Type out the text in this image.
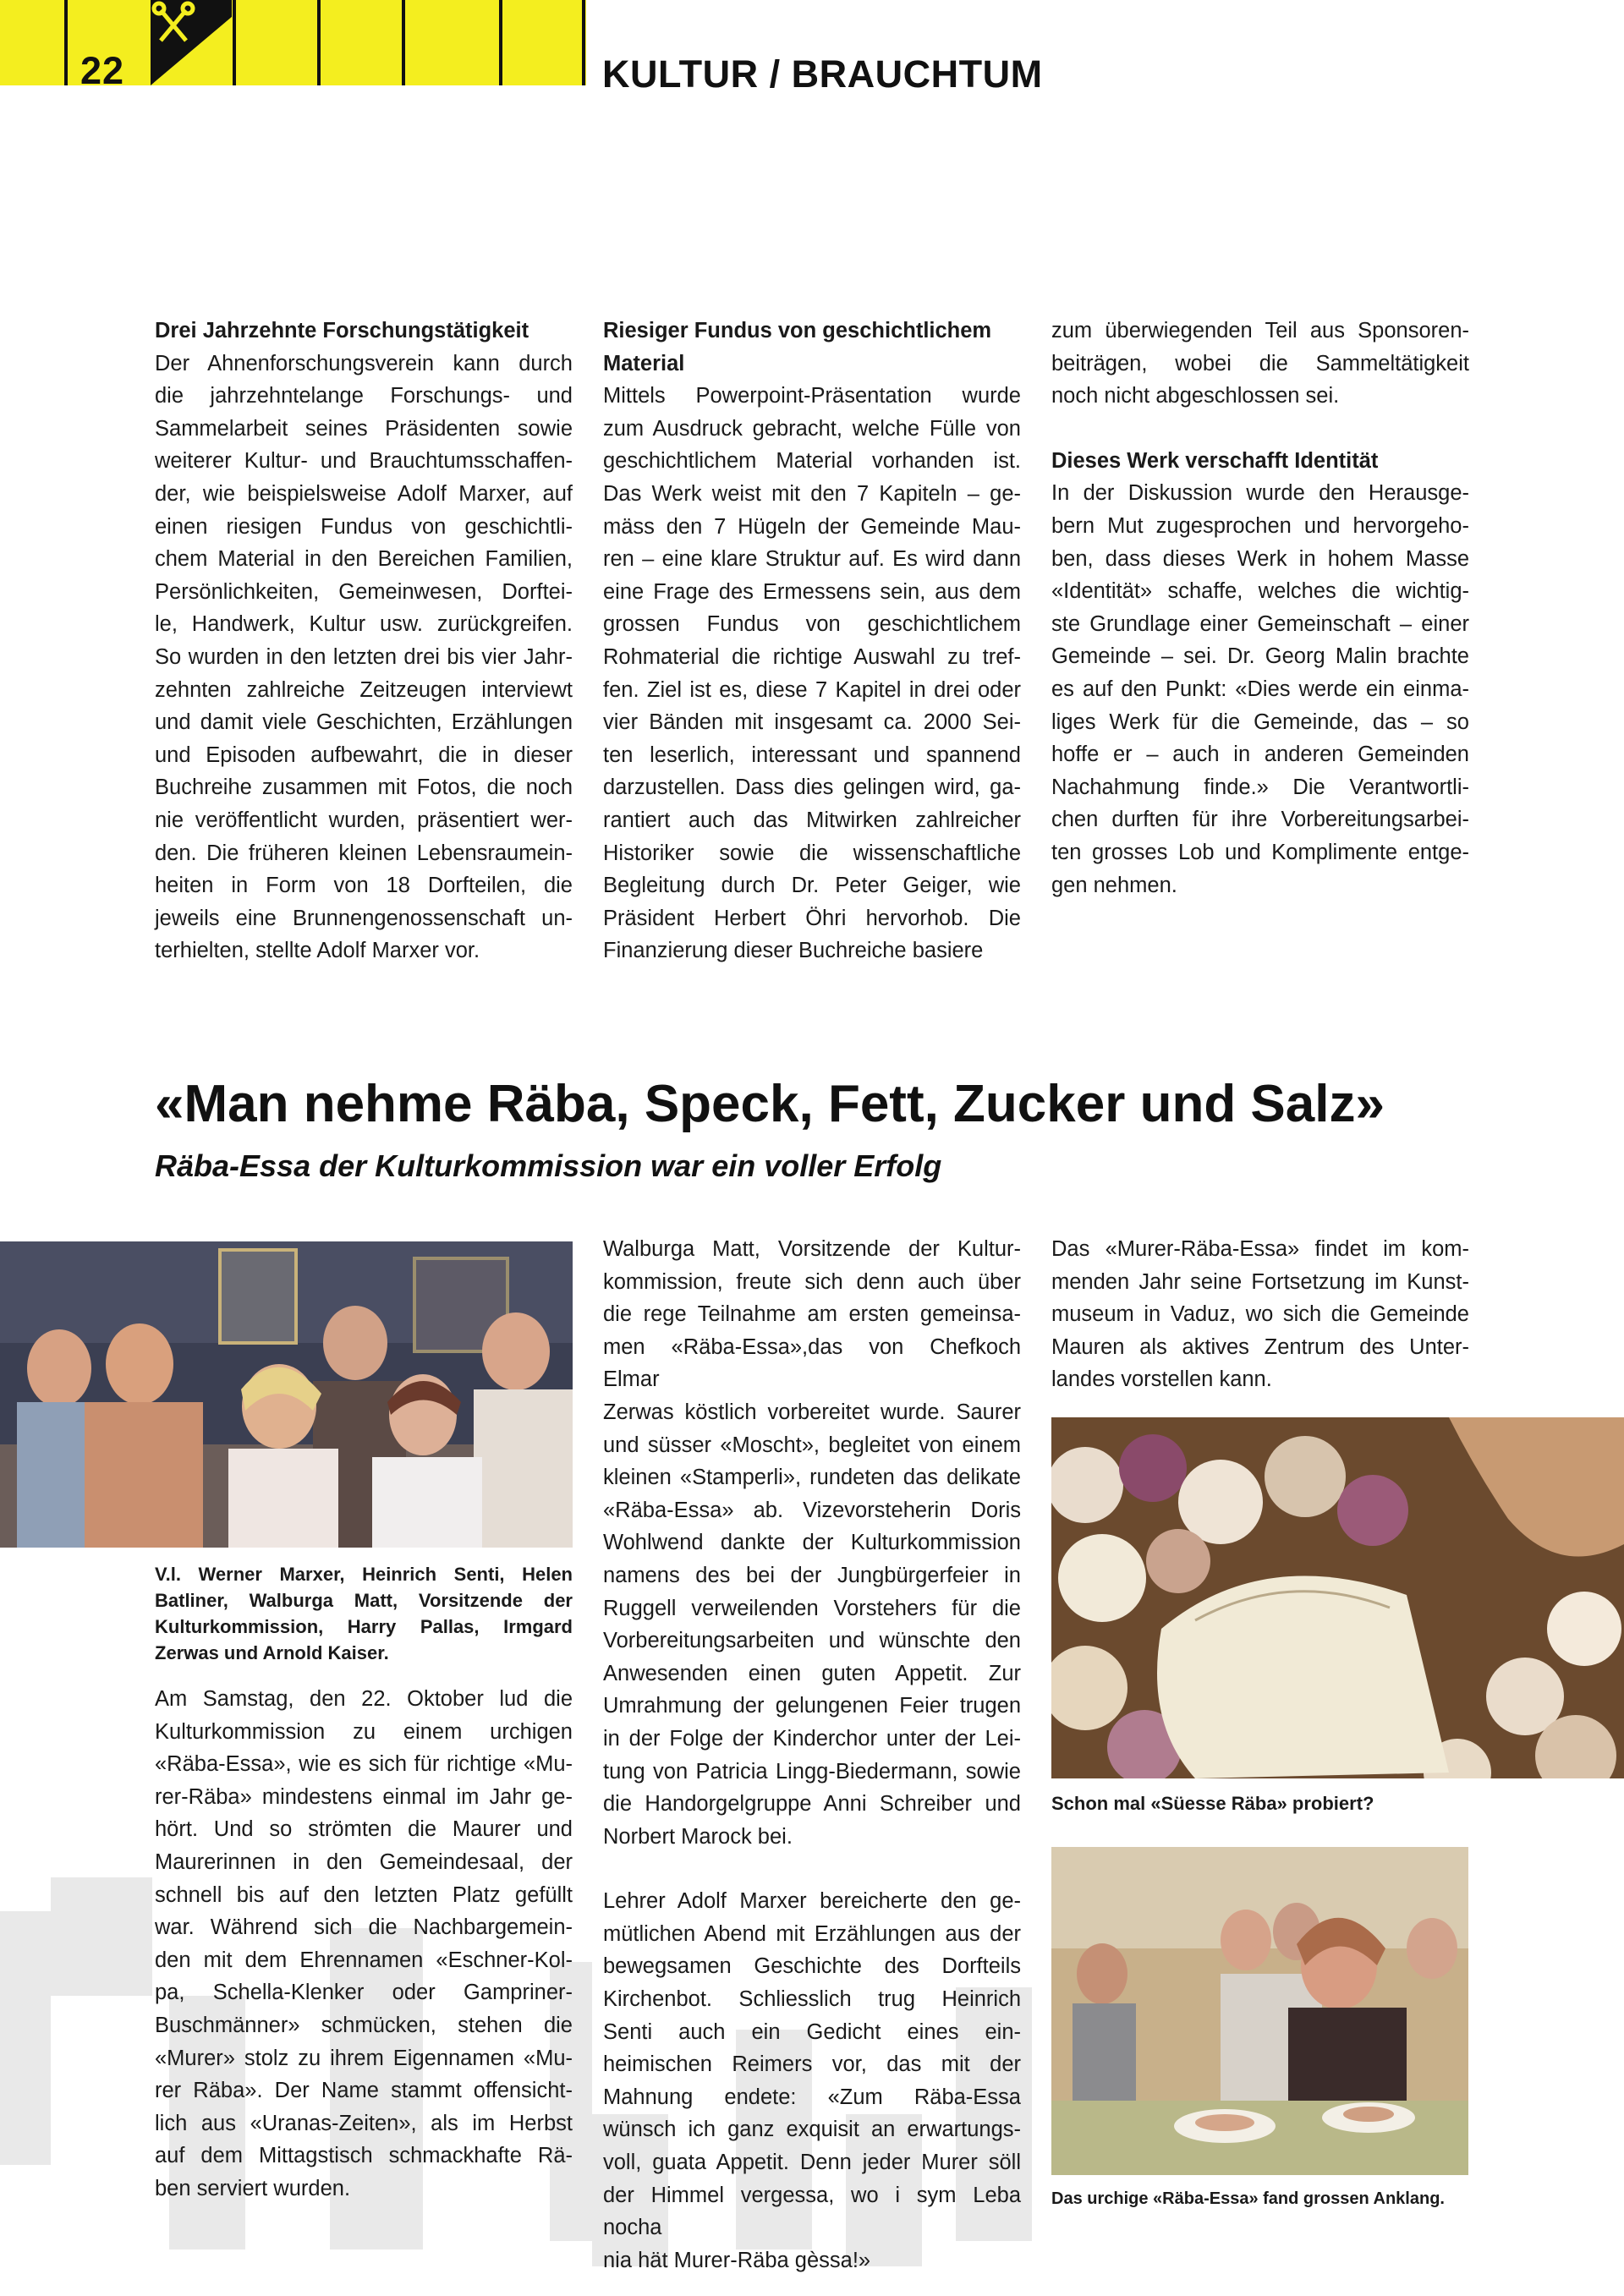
22	KULTUR / BRAUCHTUM

Drei Jahrzehnte Forschungstätigkeit

Der Ahnenforschungsverein kann durch
die jahrzehntelange Forschungs- und
Sammelarbeit seines Präsidenten sowie
weiterer Kultur- und Brauchtumsschaffen-
der, wie beispielsweise Adolf Marxer, auf
einen riesigen Fundus von geschichtli-
chem Material in den Bereichen Familien,
Persönlichkeiten, Gemeinwesen, Dorftei-
le, Handwerk, Kultur usw. zurückgreifen.
So wurden in den letzten drei bis vier Jahr-
zehnten zahlreiche Zeitzeugen interviewt
und damit viele Geschichten, Erzählungen
und Episoden aufbewahrt, die in dieser
Buchreihe zusammen mit Fotos, die noch
nie veröffentlicht wurden, präsentiert wer-
den. Die früheren kleinen Lebensraumein-
heiten in Form von 18 Dorfteilen, die
jeweils eine Brunnengenossenschaft un-
terhielten, stellte Adolf Marxer vor.

Riesiger Fundus von geschichtlichem

Material

Mittels Powerpoint-Präsentation wurde
zum Ausdruck gebracht, welche Fülle von
geschichtlichem Material vorhanden ist.
Das Werk weist mit den 7 Kapiteln – ge-
mäss den 7 Hügeln der Gemeinde Mau-
ren – eine klare Struktur auf. Es wird dann
eine Frage des Ermessens sein, aus dem
grossen Fundus von geschichtlichem
Rohmaterial die richtige Auswahl zu tref-
fen. Ziel ist es, diese 7 Kapitel in drei oder
vier Bänden mit insgesamt ca. 2000 Sei-
ten leserlich, interessant und spannend
darzustellen. Dass dies gelingen wird, ga-
rantiert auch das Mitwirken zahlreicher
Historiker sowie die wissenschaftliche
Begleitung durch Dr. Peter Geiger, wie
Präsident Herbert Öhri hervorhob. Die
Finanzierung dieser Buchreiche basiere
zum überwiegenden Teil aus Sponsoren-
beiträgen, wobei die Sammeltätigkeit
noch nicht abgeschlossen sei.

Dieses Werk verschafft Identität

In der Diskussion wurde den Herausge-
bern Mut zugesprochen und hervorgeho-
ben, dass dieses Werk in hohem Masse
«Identität» schaffe, welches die wichtig-
ste Grundlage einer Gemeinschaft – einer
Gemeinde – sei. Dr. Georg Malin brachte
es auf den Punkt: «Dies werde ein einma-
liges Werk für die Gemeinde, das – so
hoffe er – auch in anderen Gemeinden
Nachahmung finde.» Die Verantwortli-
chen durften für ihre Vorbereitungsarbei-
ten grosses Lob und Komplimente entge-
gen nehmen.
«Man nehme Räba, Speck, Fett, Zucker und Salz»
Räba-Essa der Kulturkommission war ein voller Erfolg
V.l. Werner Marxer, Heinrich Senti, Helen
Batliner, Walburga Matt, Vorsitzende der
Kulturkommission, Harry Pallas, Irmgard
Zerwas und Arnold Kaiser.
Am Samstag, den 22. Oktober lud die
Kulturkommission zu einem urchigen
«Räba-Essa», wie es sich für richtige «Mu-
rer-Räba» mindestens einmal im Jahr ge-
hört. Und so strömten die Maurer und
Maurerinnen in den Gemeindesaal, der
schnell bis auf den letzten Platz gefüllt
war. Während sich die Nachbargemein-
den mit dem Ehrennamen «Eschner-Kol-
pa, Schella-Klenker oder Gampriner-
Buschmänner» schmücken, stehen die
«Murer» stolz zu ihrem Eigennamen «Mu-
rer Räba». Der Name stammt offensicht-
lich aus «Uranas-Zeiten», als im Herbst
auf dem Mittagstisch schmackhafte Rä-
ben serviert wurden.
Walburga Matt, Vorsitzende der Kultur-
kommission, freute sich denn auch über
die rege Teilnahme am ersten gemeinsa-
men «Räba-Essa»,das von Chefkoch Elmar
Zerwas köstlich vorbereitet wurde. Saurer
und süsser «Moscht», begleitet von einem
kleinen «Stamperli», rundeten das delikate
«Räba-Essa» ab. Vizevorsteherin Doris
Wohlwend dankte der Kulturkommission
namens des bei der Jungbürgerfeier in
Ruggell verweilenden Vorstehers für die
Vorbereitungsarbeiten und wünschte den
Anwesenden einen guten Appetit. Zur
Umrahmung der gelungenen Feier trugen
in der Folge der Kinderchor unter der Lei-
tung von Patricia Lingg-Biedermann, sowie
die Handorgelgruppe Anni Schreiber und
Norbert Marock bei.
Lehrer Adolf Marxer bereicherte den ge-
mütlichen Abend mit Erzählungen aus der
bewegsamen Geschichte des Dorfteils
Kirchenbot. Schliesslich trug Heinrich
Senti auch ein Gedicht eines ein-
heimischen Reimers vor, das mit der
Mahnung endete: «Zum Räba-Essa
wünsch ich ganz exquisit an erwartungs-
voll, guata Appetit. Denn jeder Murer söll
der Himmel vergessa, wo i sym Leba nocha
nia hät Murer-Räba gèssa!»
Das «Murer-Räba-Essa» findet im kom-
menden Jahr seine Fortsetzung im Kunst-
museum in Vaduz, wo sich die Gemeinde
Mauren als aktives Zentrum des Unter-
landes vorstellen kann.
Schon mal «Süesse Räba» probiert?
Das urchige «Räba-Essa» fand grossen Anklang.
